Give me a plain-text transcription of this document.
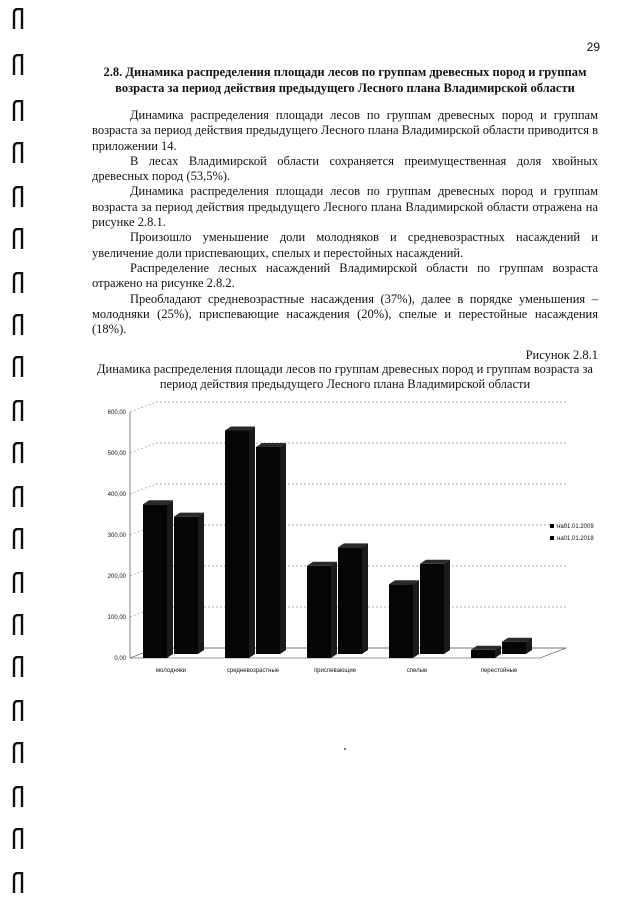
29
2.8. Динамика распределения площади лесов по группам древесных пород и группам возраста за период действия предыдущего Лесного плана Владимирской области

Динамика распределения площади лесов по группам древесных пород и группам возраста за период действия предыдущего Лесного плана Владимирской области приводится в приложении 14.

В лесах Владимирской области сохраняется преимущественная доля хвойных древесных пород (53,5%).

Динамика распределения площади лесов по группам древесных пород и группам возраста за период действия предыдущего Лесного плана Владимирской области отражена на рисунке 2.8.1.

Произошло уменьшение доли молодняков и средневозрастных насаждений и увеличение доли приспевающих, спелых и перестойных насаждений.

Распределение лесных насаждений Владимирской области по группам возраста отражено на рисунке 2.8.2.

Преобладают средневозрастные насаждения (37%), далее в порядке уменьшения – молодняки (25%), приспевающие насаждения (20%), спелые и перестойные насаждения (18%).

Рисунок 2.8.1
Динамика распределения площади лесов по группам древесных пород и группам возраста за период действия предыдущего Лесного плана Владимирской области
0,00
100,00
200,00
300,00
400,00
500,00
600,00
молодняки	средневозрастные	приспевающие	спелые	перестойные
на01.01.2009
на01.01.2018
